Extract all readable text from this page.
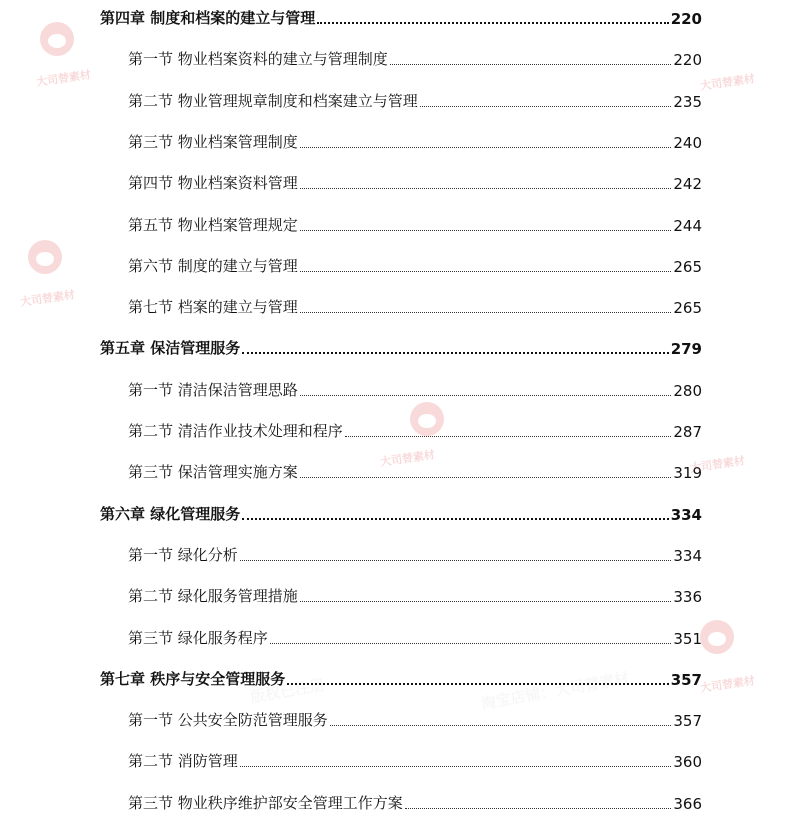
第四章 制度和档案的建立与管理	220
第一节 物业档案资料的建立与管理制度	220
第二节 物业管理规章制度和档案建立与管理	235
第三节 物业档案管理制度	240
第四节 物业档案资料管理	242
第五节 物业档案管理规定	244
第六节 制度的建立与管理	265
第七节 档案的建立与管理	265
第五章 保洁管理服务	279
第一节 清洁保洁管理思路	280
第二节 清洁作业技术处理和程序	287
第三节 保洁管理实施方案	319
第六章 绿化管理服务	334
第一节 绿化分析	334
第二节 绿化服务管理措施	336
第三节 绿化服务程序	351
第七章 秩序与安全管理服务	357
第一节 公共安全防范管理服务	357
第二节 消防管理	360
第三节 物业秩序维护部安全管理工作方案	366
大司替素材	大司替素材
大司替素材
大司替素材	大司替素材
大司替素材
版权已注册	淘宝店铺：大司替素材
